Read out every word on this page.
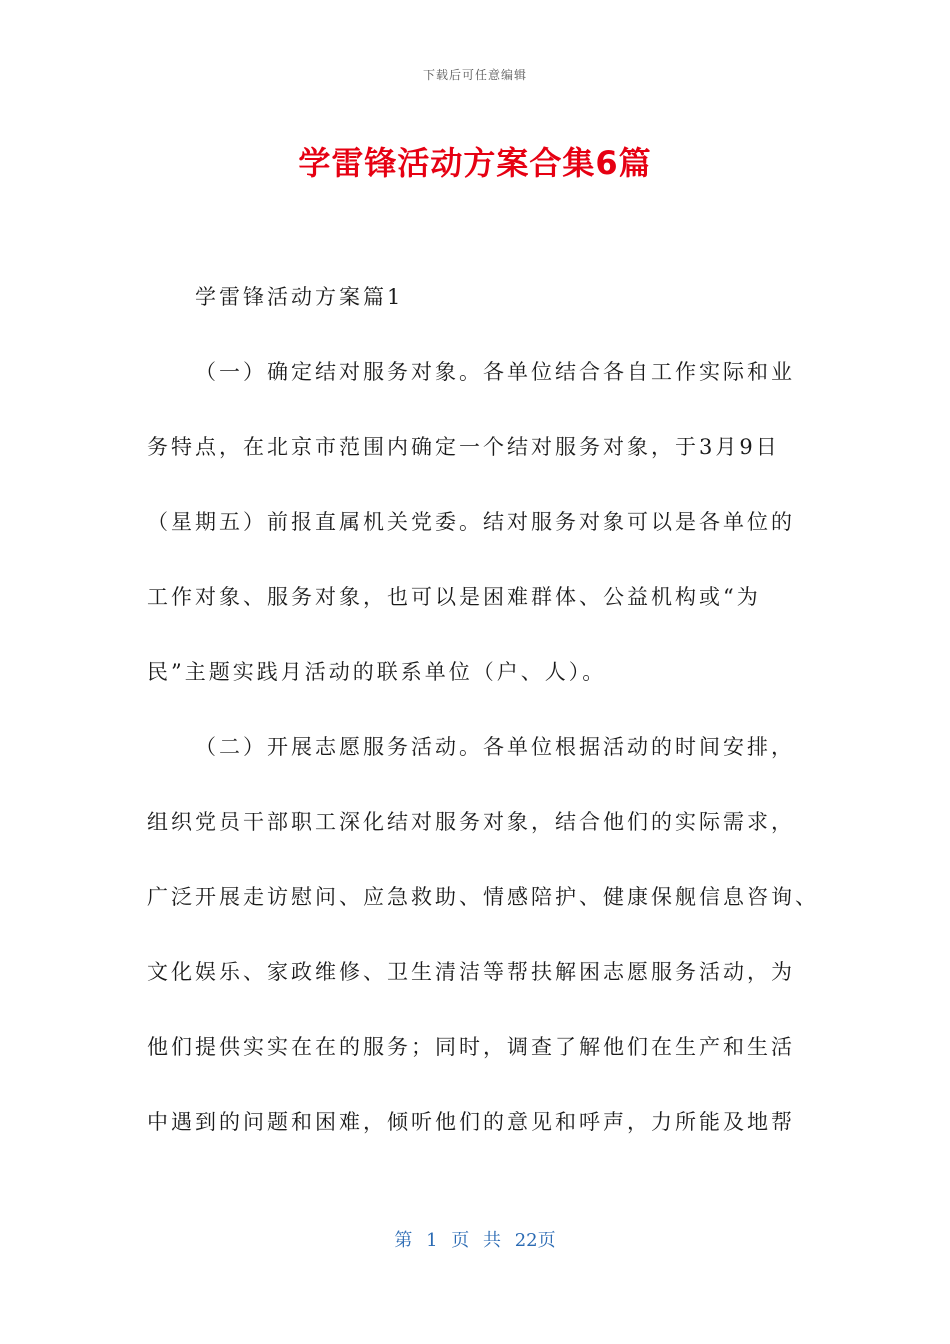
下载后可任意编辑
学雷锋活动方案合集6篇
学雷锋活动方案篇1
（一）确定结对服务对象。各单位结合各自工作实际和业
务特点，在北京市范围内确定一个结对服务对象，于3月9日
（星期五）前报直属机关党委。结对服务对象可以是各单位的
工作对象、服务对象，也可以是困难群体、公益机构或“为
民”主题实践月活动的联系单位（户、人）。
（二）开展志愿服务活动。各单位根据活动的时间安排，
组织党员干部职工深化结对服务对象，结合他们的实际需求，
广泛开展走访慰问、应急救助、情感陪护、健康保舰信息咨询、
文化娱乐、家政维修、卫生清洁等帮扶解困志愿服务活动，为
他们提供实实在在的服务；同时，调查了解他们在生产和生活
中遇到的问题和困难，倾听他们的意见和呼声，力所能及地帮
第 1 页 共 22页
